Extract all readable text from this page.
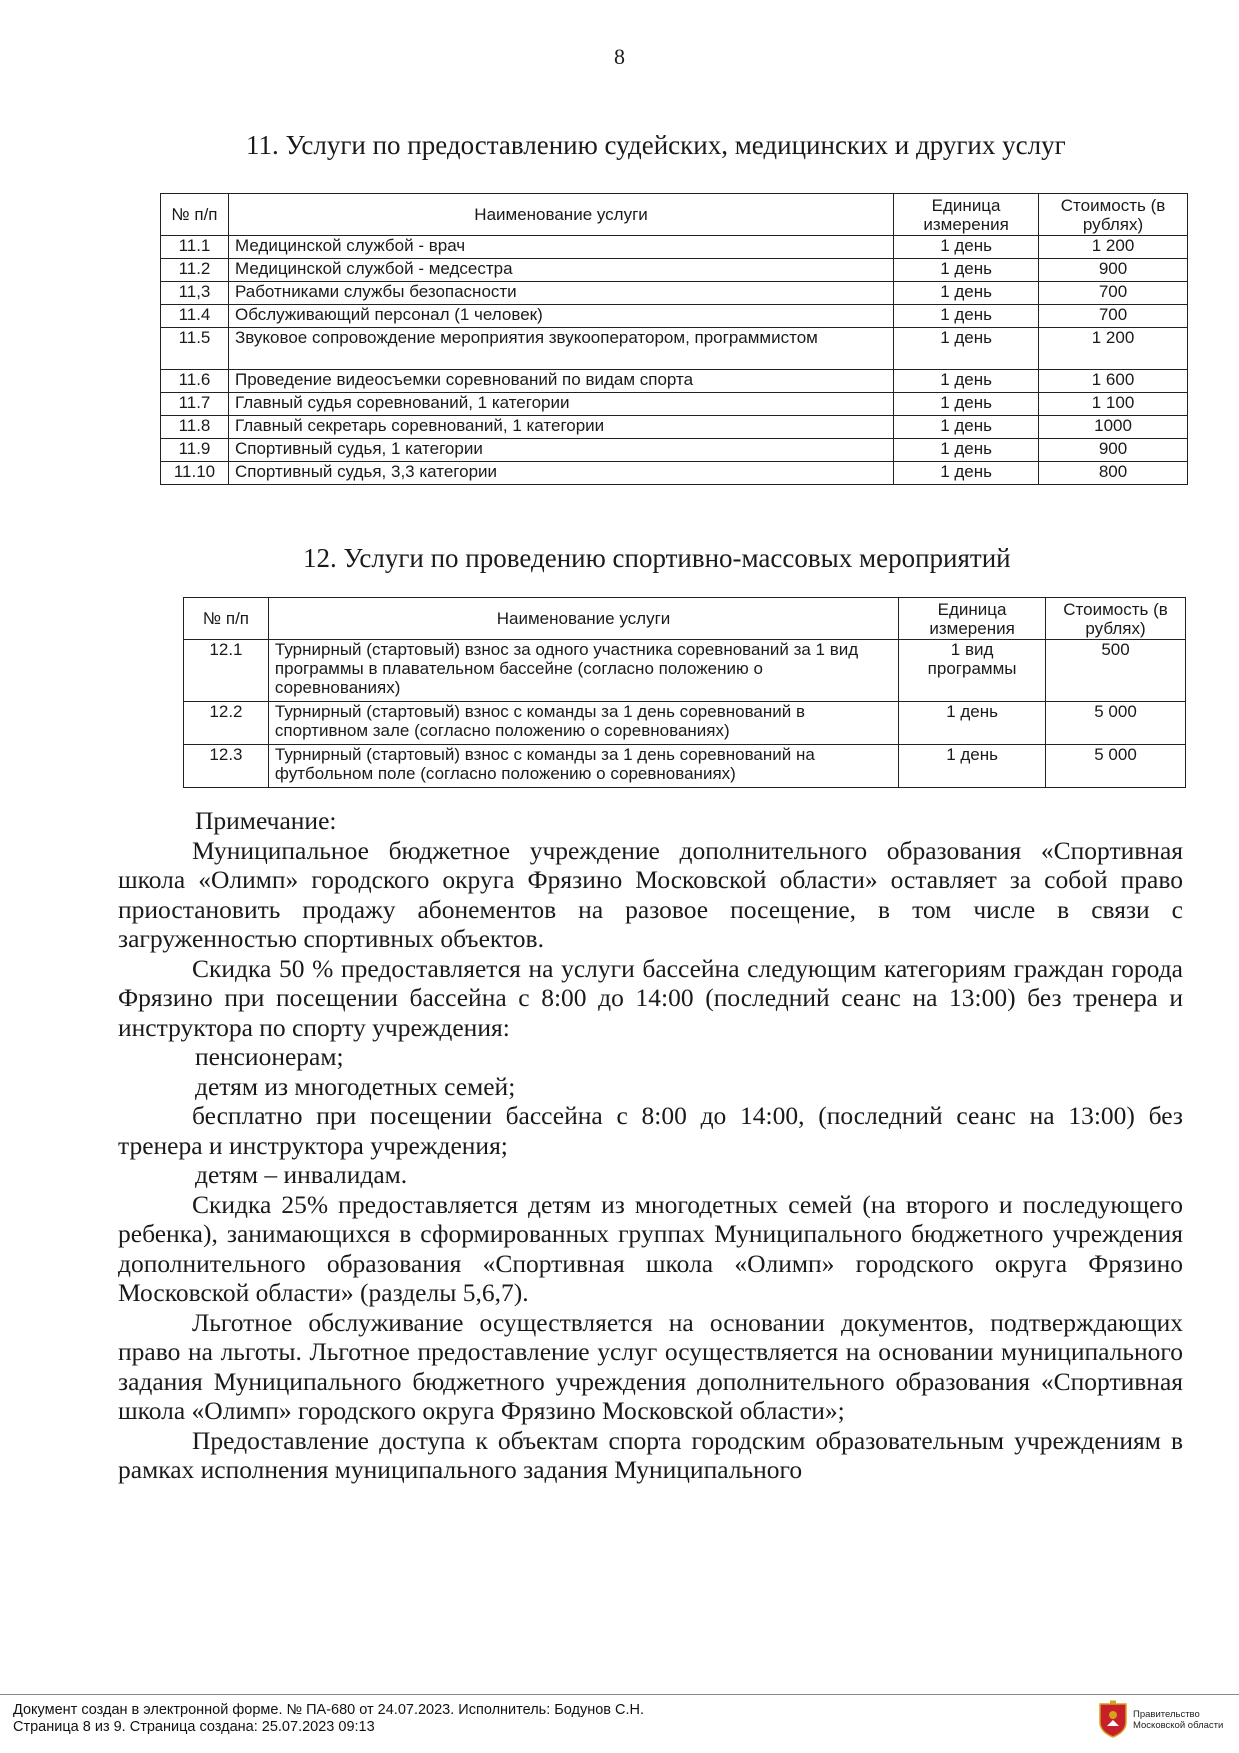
8
11. Услуги по предоставлению судейских, медицинских и других услуг
№ п/п	Наименование услуги	Единица измерения	Стоимость (в рублях)
11.1	Медицинской службой - врач	1 день	1 200
11.2	Медицинской службой - медсестра	1 день	900
11,3	Работниками службы безопасности	1 день	700
11.4	Обслуживающий персонал (1 человек)	1 день	700
11.5	Звуковое сопровождение мероприятия звукооператором, программистом	1 день	1 200
11.6	Проведение видеосъемки соревнований по видам спорта	1 день	1 600
11.7	Главный судья соревнований, 1 категории	1 день	1 100
11.8	Главный секретарь соревнований, 1 категории	1 день	1000
11.9	Спортивный судья, 1 категории	1 день	900
11.10	Спортивный судья, 3,3 категории	1 день	800
12. Услуги по проведению спортивно-массовых мероприятий
№ п/п	Наименование услуги	Единица измерения	Стоимость (в рублях)
12.1	Турнирный (стартовый) взнос за одного участника соревнований за 1 вид программы в плавательном бассейне (согласно положению о соревнованиях)	1 вид программы	500
12.2	Турнирный (стартовый) взнос с команды за 1 день соревнований в спортивном зале (согласно положению о соревнованиях)	1 день	5 000
12.3	Турнирный (стартовый) взнос с команды за 1 день соревнований на футбольном поле (согласно положению о соревнованиях)	1 день	5 000

Примечание:

Муниципальное бюджетное учреждение дополнительного образования «Спортивная школа «Олимп» городского округа Фрязино Московской области» оставляет за собой право приостановить продажу абонементов на разовое посещение, в том числе в связи с загруженностью спортивных объектов.

Скидка 50 % предоставляется на услуги бассейна следующим категориям граждан города Фрязино при посещении бассейна с 8:00 до 14:00 (последний сеанс на 13:00) без тренера и инструктора по спорту учреждения:

пенсионерам;

детям из многодетных семей;

бесплатно при посещении бассейна с 8:00 до 14:00, (последний сеанс на 13:00) без тренера и инструктора учреждения;

детям – инвалидам.

Скидка 25% предоставляется детям из многодетных семей (на второго и последующего ребенка), занимающихся в сформированных группах Муниципального бюджетного учреждения дополнительного образования «Спортивная школа «Олимп» городского округа Фрязино Московской области» (разделы 5,6,7).

Льготное обслуживание осуществляется на основании документов, подтверждающих право на льготы. Льготное предоставление услуг осуществляется на основании муниципального задания Муниципального бюджетного учреждения дополнительного образования «Спортивная школа «Олимп» городского округа Фрязино Московской области»;

Предоставление доступа к объектам спорта городским образовательным учреждениям в рамках исполнения муниципального задания Муниципального

Документ создан в электронной форме. № ПА-680 от 24.07.2023. Исполнитель: Бодунов С.Н.
Страница 8 из 9. Страница создана: 25.07.2023 09:13
Правительство
Московской области
